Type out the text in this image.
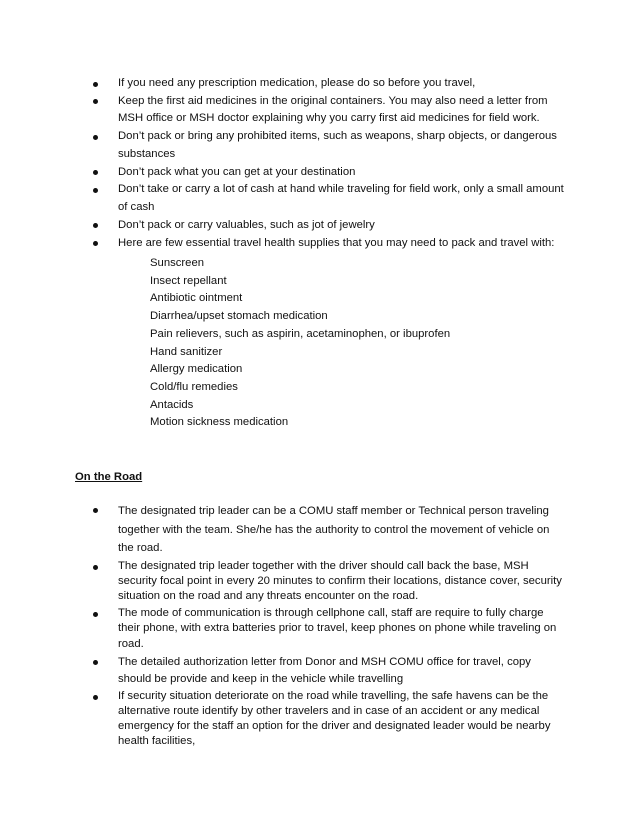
If you need any prescription medication, please do so before you travel,
Keep the first aid medicines in the original containers. You may also need a letter from MSH office or MSH doctor explaining why you carry first aid medicines for field work.
Don’t pack or bring any prohibited items, such as weapons, sharp objects, or dangerous substances
Don’t pack what you can get at your destination
Don’t take or carry a lot of cash at hand while traveling for field work, only a small amount of cash
Don’t pack or carry valuables, such as jot of jewelry
Here are few essential travel health supplies that you may need to pack and travel with:
Sunscreen
Insect repellant
Antibiotic ointment
Diarrhea/upset stomach medication
Pain relievers, such as aspirin, acetaminophen, or ibuprofen
Hand sanitizer
Allergy medication
Cold/flu remedies
Antacids
Motion sickness medication
On the Road
The designated trip leader can be a COMU staff member or Technical person traveling together with the team. She/he has the authority to control the movement of vehicle on the road.
The designated trip leader together with the driver should call back the base, MSH security focal point in every 20 minutes to confirm their locations, distance cover, security situation on the road and any threats encounter on the road.
The mode of communication is through cellphone call, staff are require to fully charge their phone, with extra batteries prior to travel, keep phones on phone while traveling on road.
The detailed authorization letter from Donor and MSH COMU office for travel, copy should be provide and keep in the vehicle while travelling
If security situation deteriorate on the road while travelling, the safe havens can be the alternative route identify by other travelers and in case of an accident or any medical emergency for the staff an option for the driver and designated leader would be nearby health facilities,
